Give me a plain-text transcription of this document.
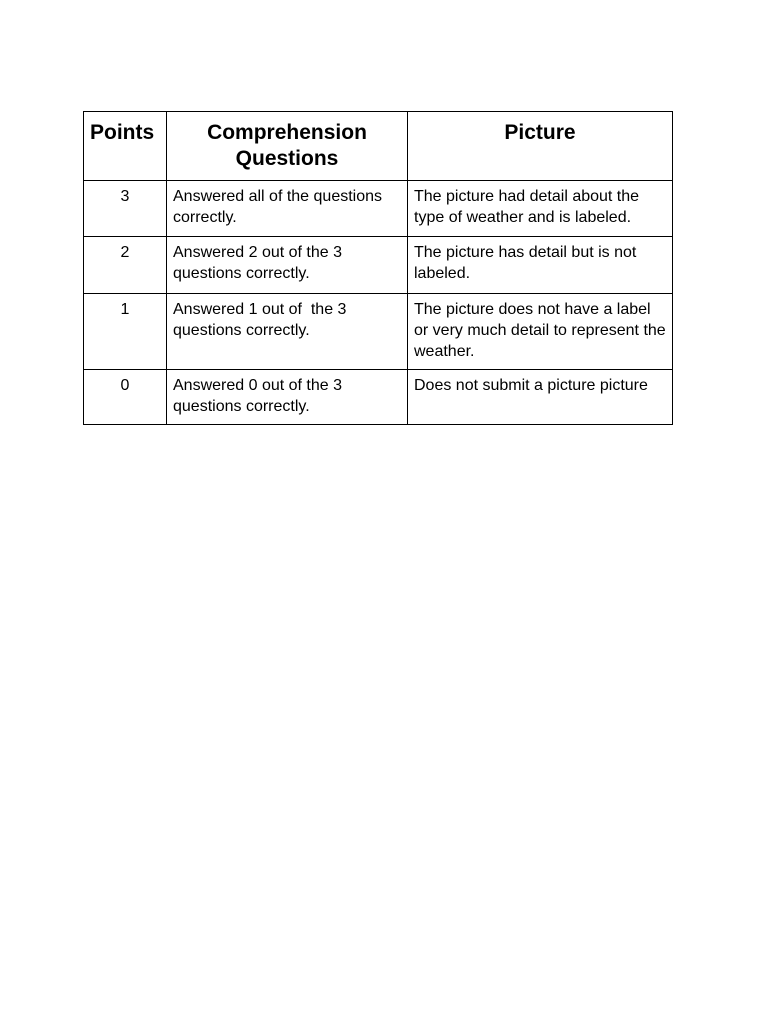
Points	Comprehension Questions	Picture
3	Answered all of the questions correctly.	The picture had detail about the type of weather and is labeled.
2	Answered 2 out of the 3 questions correctly.	The picture has detail but is not labeled.
1	Answered 1 out of  the 3 questions correctly.	The picture does not have a label or very much detail to represent the weather.
0	Answered 0 out of the 3 questions correctly.	Does not submit a picture picture
